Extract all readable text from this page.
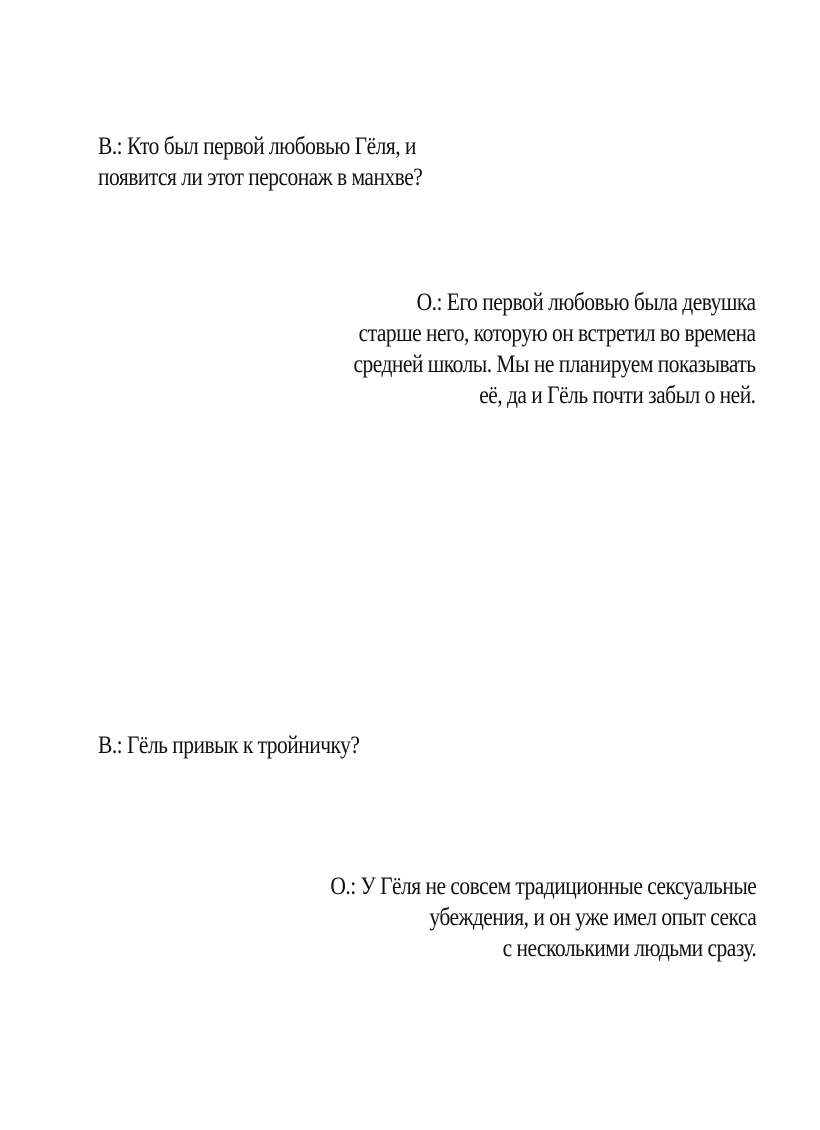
В.: Кто был первой любовью Гёля, и
появится ли этот персонаж в манхве?
О.: Его первой любовью была девушка
старше него, которую он встретил во времена
средней школы. Мы не планируем показывать
её, да и Гёль почти забыл о ней.
В.: Гёль привык к тройничку?
О.: У Гёля не совсем традиционные сексуальные
убеждения, и он уже имел опыт секса
с несколькими людьми сразу.
